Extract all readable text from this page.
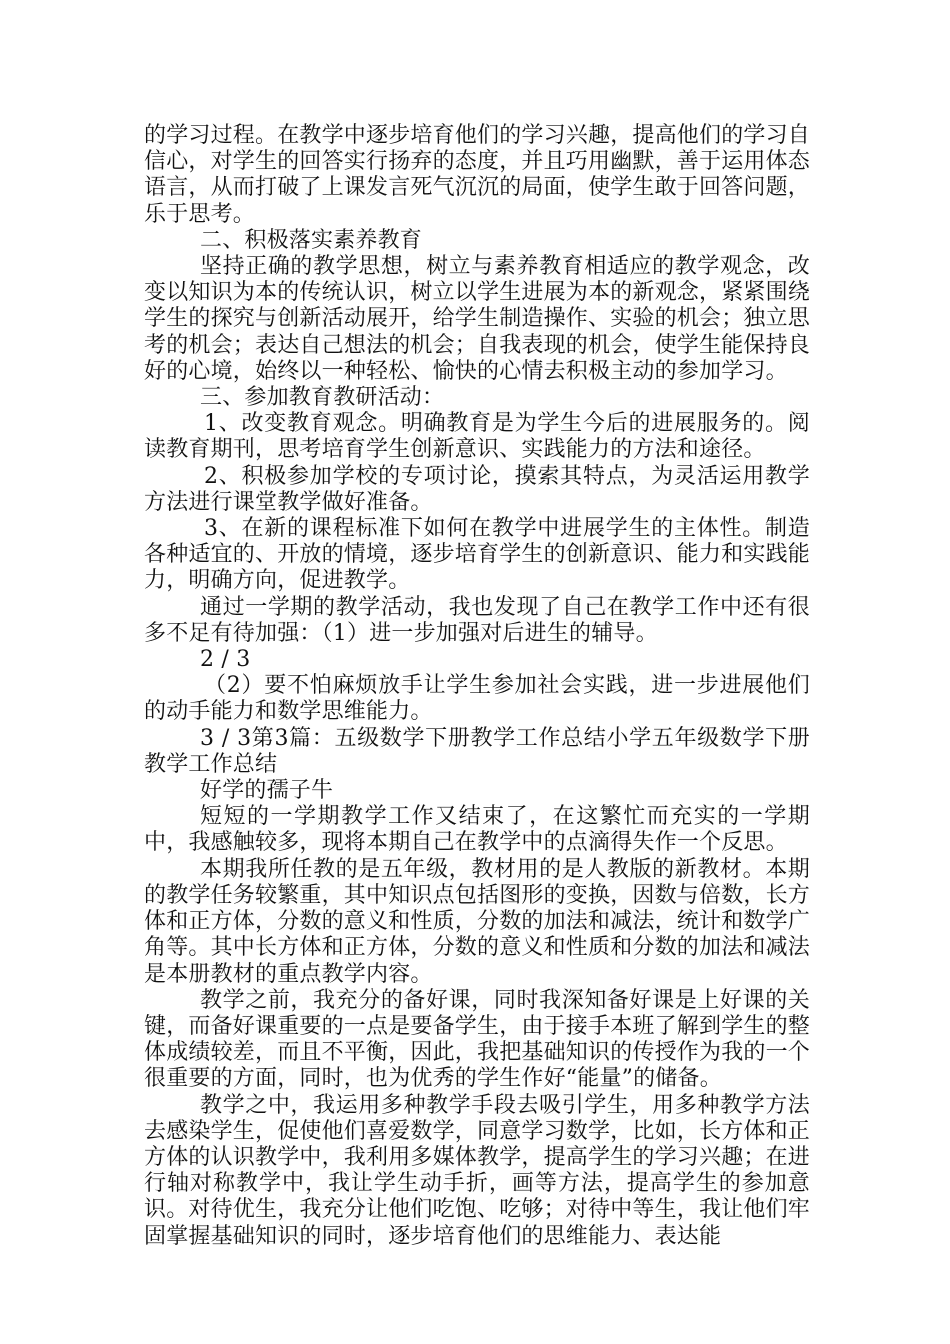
的学习过程。在教学中逐步培育他们的学习兴趣，提高他们的学习自信心，对学生的回答实行扬弃的态度，并且巧用幽默，善于运用体态语言，从而打破了上课发言死气沉沉的局面，使学生敢于回答问题，乐于思考。

二、积极落实素养教育

坚持正确的教学思想，树立与素养教育相适应的教学观念，改变以知识为本的传统认识，树立以学生进展为本的新观念，紧紧围绕学生的探究与创新活动展开，给学生制造操作、实验的机会；独立思考的机会；表达自己想法的机会；自我表现的机会，使学生能保持良好的心境，始终以一种轻松、愉快的心情去积极主动的参加学习。

三、参加教育教研活动：

1、改变教育观念。明确教育是为学生今后的进展服务的。阅读教育期刊，思考培育学生创新意识、实践能力的方法和途径。

2、积极参加学校的专项讨论，摸索其特点，为灵活运用教学方法进行课堂教学做好准备。

3、在新的课程标准下如何在教学中进展学生的主体性。制造各种适宜的、开放的情境，逐步培育学生的创新意识、能力和实践能力，明确方向，促进教学。

通过一学期的教学活动，我也发现了自己在教学工作中还有很多不足有待加强：（1）进一步加强对后进生的辅导。

2 / 3

（2）要不怕麻烦放手让学生参加社会实践，进一步进展他们的动手能力和数学思维能力。

3 / 3第3篇：五级数学下册教学工作总结小学五年级数学下册教学工作总结

好学的孺子牛

短短的一学期教学工作又结束了，在这繁忙而充实的一学期中，我感触较多，现将本期自己在教学中的点滴得失作一个反思。

本期我所任教的是五年级，教材用的是人教版的新教材。本期的教学任务较繁重，其中知识点包括图形的变换，因数与倍数，长方体和正方体，分数的意义和性质，分数的加法和减法，统计和数学广角等。其中长方体和正方体，分数的意义和性质和分数的加法和减法是本册教材的重点教学内容。

教学之前，我充分的备好课，同时我深知备好课是上好课的关键，而备好课重要的一点是要备学生，由于接手本班了解到学生的整体成绩较差，而且不平衡，因此，我把基础知识的传授作为我的一个很重要的方面，同时，也为优秀的学生作好“能量”的储备。

教学之中，我运用多种教学手段去吸引学生，用多种教学方法去感染学生，促使他们喜爱数学，同意学习数学，比如，长方体和正方体的认识教学中，我利用多媒体教学，提高学生的学习兴趣；在进行轴对称教学中，我让学生动手折，画等方法，提高学生的参加意识。对待优生，我充分让他们吃饱、吃够；对待中等生，我让他们牢固掌握基础知识的同时，逐步培育他们的思维能力、表达能
